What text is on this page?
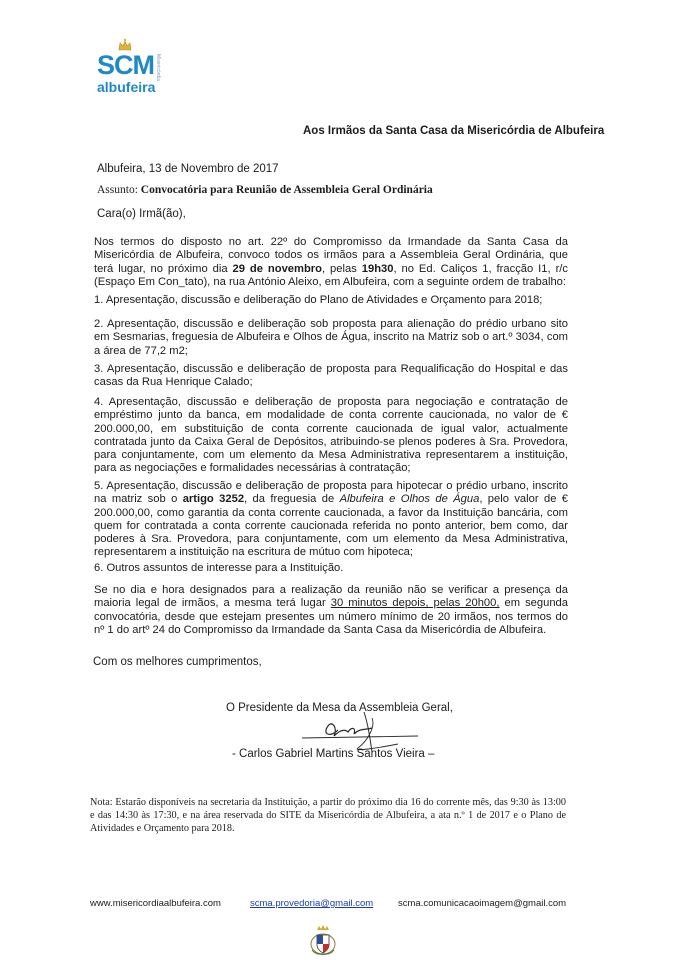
SCM Misericórdia
albufeira
Aos Irmãos da Santa Casa da Misericórdia de Albufeira
Albufeira, 13 de Novembro de 2017
Assunto: Convocatória para Reunião de Assembleia Geral Ordinária
Cara(o) Irmã(ão),
Nos termos do disposto no art. 22º do Compromisso da Irmandade da Santa Casa da Misericórdia de Albufeira, convoco todos os irmãos para a Assembleia Geral Ordinária, que terá lugar, no próximo dia 29 de novembro, pelas 19h30, no Ed. Caliços 1, fracção I1, r/c (Espaço Em Con_tato), na rua António Aleixo, em Albufeira, com a seguinte ordem de trabalho:
1. Apresentação, discussão e deliberação do Plano de Atividades e Orçamento para 2018;
2. Apresentação, discussão e deliberação sob proposta para alienação do prédio urbano sito em Sesmarias, freguesia de Albufeira e Olhos de Água, inscrito na Matriz sob o art.º 3034, com a área de 77,2 m2;
3. Apresentação, discussão e deliberação de proposta para Requalificação do Hospital e das casas da Rua Henrique Calado;
4. Apresentação, discussão e deliberação de proposta para negociação e contratação de empréstimo junto da banca, em modalidade de conta corrente caucionada, no valor de € 200.000,00, em substituição de conta corrente caucionada de igual valor, actualmente contratada junto da Caixa Geral de Depósitos, atribuindo-se plenos poderes à Sra. Provedora, para conjuntamente, com um elemento da Mesa Administrativa representarem a instituição, para as negociações e formalidades necessárias à contratação;
5. Apresentação, discussão e deliberação de proposta para hipotecar o prédio urbano, inscrito na matriz sob o artigo 3252, da freguesia de Albufeira e Olhos de Água, pelo valor de € 200.000,00, como garantia da conta corrente caucionada, a favor da Instituição bancária, com quem for contratada a conta corrente caucionada referida no ponto anterior, bem como, dar poderes à Sra. Provedora, para conjuntamente, com um elemento da Mesa Administrativa, representarem a instituição na escritura de mútuo com hipoteca;
6. Outros assuntos de interesse para a Instituição.
Se no dia e hora designados para a realização da reunião não se verificar a presença da maioria legal de irmãos, a mesma terá lugar 30 minutos depois, pelas 20h00, em segunda convocatória, desde que estejam presentes um número mínimo de 20 irmãos, nos termos do nº 1 do artº 24 do Compromisso da Irmandade da Santa Casa da Misericórdia de Albufeira.
Com os melhores cumprimentos,
O Presidente da Mesa da Assembleia Geral,
- Carlos Gabriel Martins Santos Vieira –
Nota: Estarão disponíveis na secretaria da Instituição, a partir do próximo dia 16 do corrente mês, das 9:30 às 13:00 e das 14:30 às 17:30, e na área reservada do SITE da Misericórdia de Albufeira, a ata n.º 1 de 2017 e o Plano de Atividades e Orçamento para 2018.
www.misericordiaalbufeira.com	scma.provedoria@gmail.com	scma.comunicacaoimagem@gmail.com
